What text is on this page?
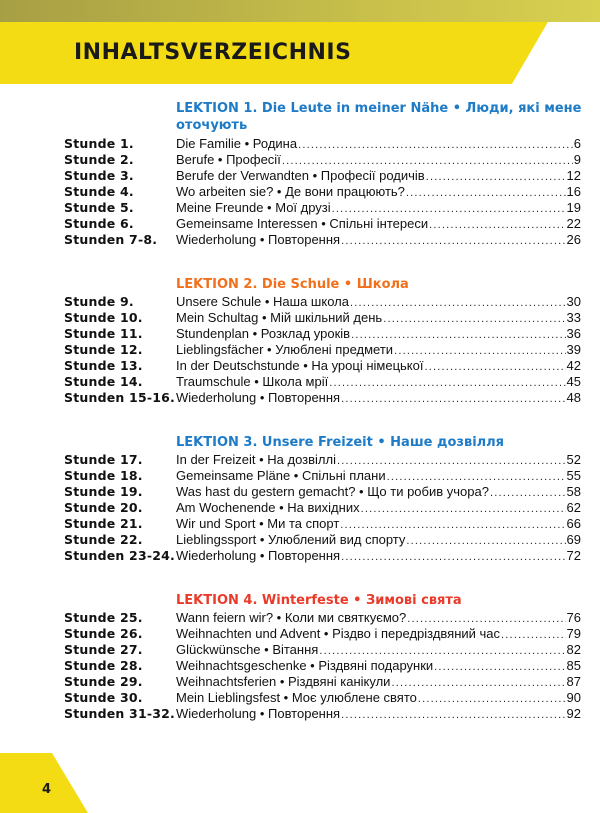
INHALTSVERZEICHNIS
LEKTION 1. Die Leute in meiner Nähe • Люди, які мене
оточують
Stunde 1.	Die Familie • Родина .....	6
Stunde 2.	Berufe • Професії .....	9
Stunde 3.	Berufe der Verwandten • Професії родичів .....	12
Stunde 4.	Wo arbeiten sie? • Де вони працюють? .....	16
Stunde 5.	Meine Freunde • Мої друзі .....	19
Stunde 6.	Gemeinsame Interessen • Спільні інтереси .....	22
Stunden 7-8. Wiederholung • Повторення .....	26
LEKTION 2. Die Schule • Школа
Stunde 9.	Unsere Schule • Наша школа .....	30
Stunde 10.	Mein Schultag • Мій шкільний день .....	33
Stunde 11.	Stundenplan • Розклад уроків .....	36
Stunde 12.	Lieblingsfächer • Улюблені предмети .....	39
Stunde 13.	In der Deutschstunde • На уроці німецької .....	42
Stunde 14.	Traumschule • Школа мрії .....	45
Stunden 15-16. Wiederholung • Повторення .....	48
LEKTION 3. Unsere Freizeit • Наше дозвілля
Stunde 17.	In der Freizeit • На дозвіллі .....	52
Stunde 18.	Gemeinsame Pläne • Спільні плани .....	55
Stunde 19.	Was hast du gestern gemacht? • Що ти робив учора? .....	58
Stunde 20.	Am Wochenende • На вихідних .....	62
Stunde 21.	Wir und Sport • Ми та спорт .....	66
Stunde 22.	Lieblingssport • Улюблений вид спорту .....	69
Stunden 23-24. Wiederholung • Повторення .....	72
LEKTION 4. Winterfeste • Зимові свята
Stunde 25.	Wann feiern wir? • Коли ми святкуємо? .....	76
Stunde 26.	Weihnachten und Advent • Різдво і передріздвяний час .....	79
Stunde 27.	Glückwünsche • Вітання .....	82
Stunde 28.	Weihnachtsgeschenke • Різдвяні подарунки .....	85
Stunde 29.	Weihnachtsferien • Різдвяні канікули .....	87
Stunde 30.	Mein Lieblingsfest • Моє улюблене свято .....	90
Stunden 31-32. Wiederholung • Повторення .....	92
4
